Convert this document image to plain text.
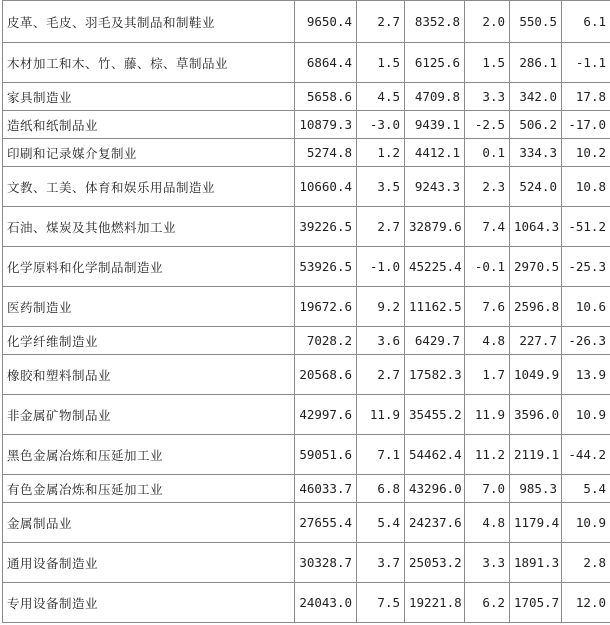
皮革、毛皮、羽毛及其制品和制鞋业	9650.4	2.7	8352.8	2.0	550.5	6.1
木材加工和木、竹、藤、棕、草制品业	6864.4	1.5	6125.6	1.5	286.1	-1.1
家具制造业	5658.6	4.5	4709.8	3.3	342.0	17.8
造纸和纸制品业	10879.3	-3.0	9439.1	-2.5	506.2	-17.0
印刷和记录媒介复制业	5274.8	1.2	4412.1	0.1	334.3	10.2
文教、工美、体育和娱乐用品制造业	10660.4	3.5	9243.3	2.3	524.0	10.8
石油、煤炭及其他燃料加工业	39226.5	2.7	32879.6	7.4	1064.3	-51.2
化学原料和化学制品制造业	53926.5	-1.0	45225.4	-0.1	2970.5	-25.3
医药制造业	19672.6	9.2	11162.5	7.6	2596.8	10.6
化学纤维制造业	7028.2	3.6	6429.7	4.8	227.7	-26.3
橡胶和塑料制品业	20568.6	2.7	17582.3	1.7	1049.9	13.9
非金属矿物制品业	42997.6	11.9	35455.2	11.9	3596.0	10.9
黑色金属冶炼和压延加工业	59051.6	7.1	54462.4	11.2	2119.1	-44.2
有色金属冶炼和压延加工业	46033.7	6.8	43296.0	7.0	985.3	5.4
金属制品业	27655.4	5.4	24237.6	4.8	1179.4	10.9
通用设备制造业	30328.7	3.7	25053.2	3.3	1891.3	2.8
专用设备制造业	24043.0	7.5	19221.8	6.2	1705.7	12.0
